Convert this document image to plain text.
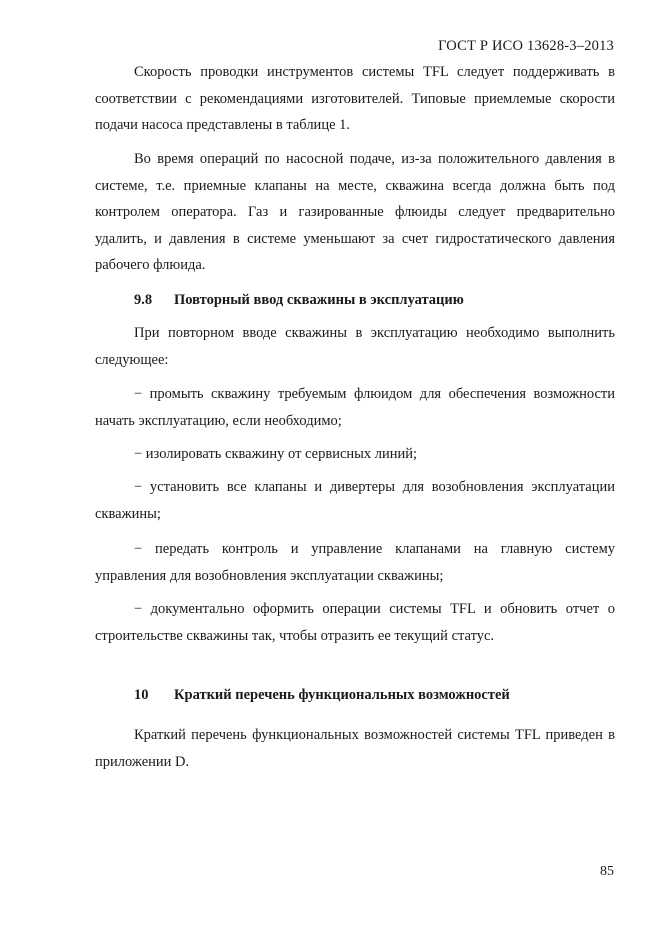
ГОСТ Р ИСО 13628-3–2013

Скорость проводки инструментов системы TFL следует поддерживать в соответствии с рекомендациями изготовителей. Типовые приемлемые скорости подачи насоса представлены в таблице 1.

Во время операций по насосной подаче, из-за положительного давления в системе, т.е. приемные клапаны на месте, скважина всегда должна быть под контролем оператора. Газ и газированные флюиды следует предварительно удалить, и давления в системе уменьшают за счет гидростатического давления рабочего флюида.

9.8 Повторный ввод скважины в эксплуатацию

При повторном вводе скважины в эксплуатацию необходимо выполнить следующее:

− промыть скважину требуемым флюидом для обеспечения возможности начать эксплуатацию, если необходимо;

− изолировать скважину от сервисных линий;

− установить все клапаны и дивертеры для возобновления эксплуатации скважины;

− передать контроль и управление клапанами на главную систему управления для возобновления эксплуатации скважины;

− документально оформить операции системы TFL и обновить отчет о строительстве скважины так, чтобы отразить ее текущий статус.

10 Краткий перечень функциональных возможностей

Краткий перечень функциональных возможностей системы TFL приведен в приложении D.

85
